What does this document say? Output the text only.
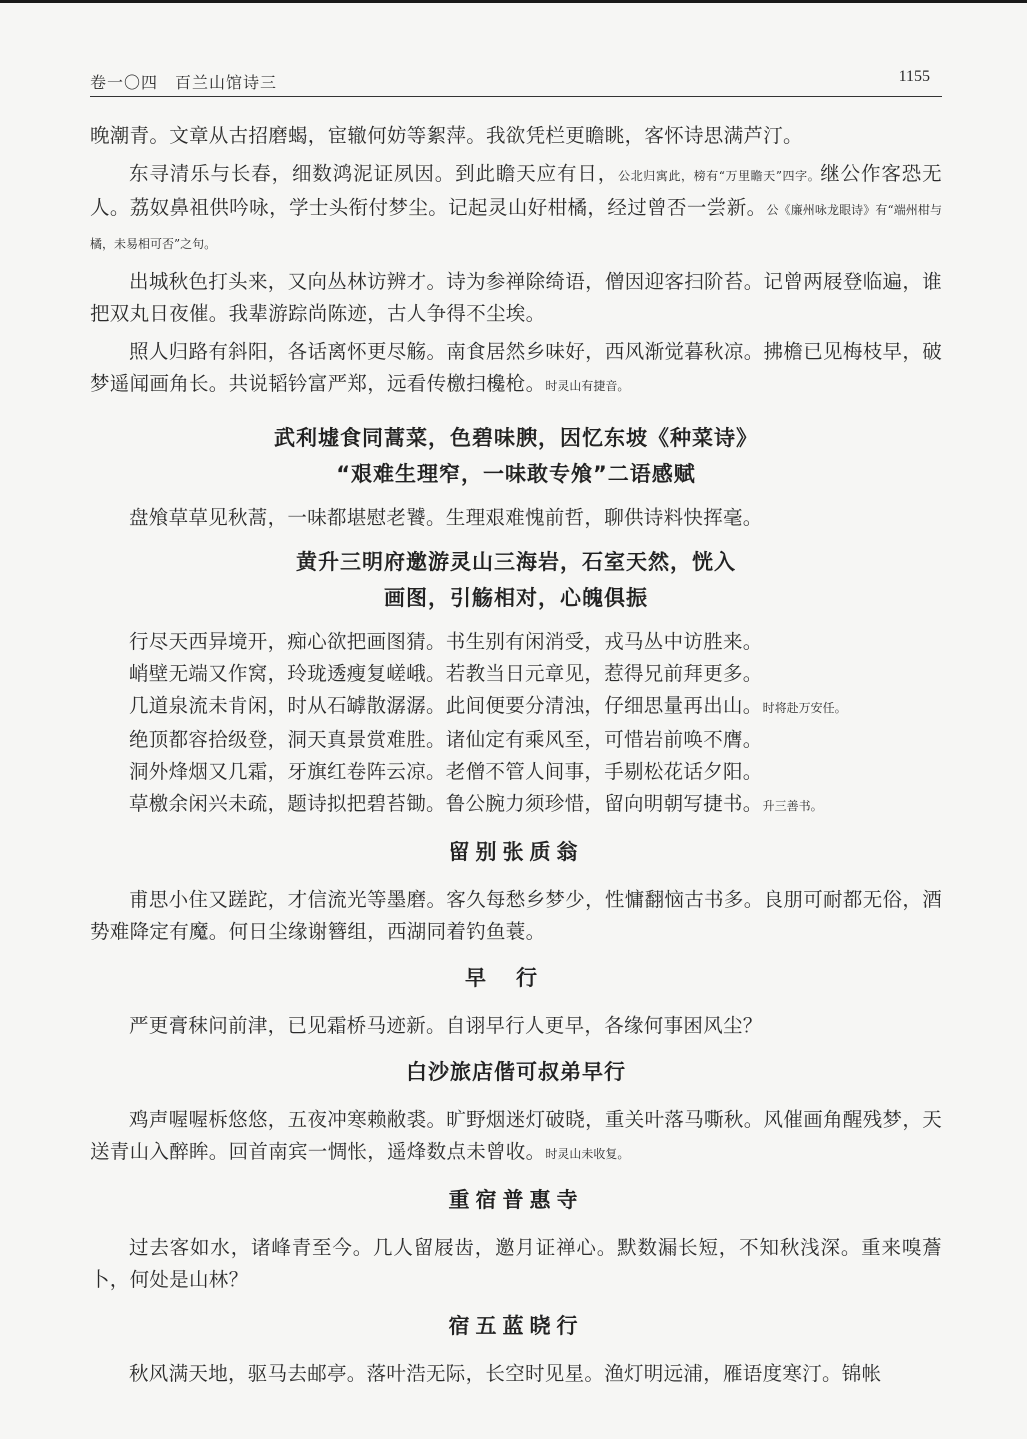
卷一〇四　百兰山馆诗三	1155

晚潮青。文章从古招磨蝎，宦辙何妨等絮萍。我欲凭栏更瞻眺，客怀诗思满芦汀。

东寻清乐与长春，细数鸿泥证夙因。到此瞻天应有日，公北归寓此，榜有“万里瞻天”四字。继公作客恐无人。荔奴鼻祖供吟咏，学士头衔付梦尘。记起灵山好柑橘，经过曾否一尝新。公《廉州咏龙眼诗》有“端州柑与橘，未易相可否”之句。

出城秋色打头来，又向丛林访辨才。诗为参禅除绮语，僧因迎客扫阶苔。记曾两屐登临遍，谁把双丸日夜催。我辈游踪尚陈迹，古人争得不尘埃。

照人归路有斜阳，各话离怀更尽觞。南食居然乡味好，西风渐觉暮秋凉。拂檐已见梅枝早，破梦遥闻画角长。共说韬钤富严郑，远看传檄扫欃枪。时灵山有捷音。

武利墟食同蒿菜，色碧味腴，因忆东坡《种菜诗》
“艰难生理窄，一味敢专飧”二语感赋

盘飧草草见秋蒿，一味都堪慰老饕。生理艰难愧前哲，聊供诗料快挥毫。

黄升三明府邀游灵山三海岩，石室天然，恍入
画图，引觞相对，心魄俱振

行尽天西异境开，痴心欲把画图猜。书生别有闲消受，戎马丛中访胜来。

峭壁无端又作窝，玲珑透瘦复嵯峨。若教当日元章见，惹得兄前拜更多。

几道泉流未肯闲，时从石罅散潺潺。此间便要分清浊，仔细思量再出山。时将赴万安任。

绝顶都容拾级登，洞天真景赏难胜。诸仙定有乘风至，可惜岩前唤不膺。

洞外烽烟又几霜，牙旗红卷阵云凉。老僧不管人间事，手剔松花话夕阳。

草檄余闲兴未疏，题诗拟把碧苔锄。鲁公腕力须珍惜，留向明朝写捷书。升三善书。

留别张质翁

甫思小住又蹉跎，才信流光等墨磨。客久每愁乡梦少，性慵翻恼古书多。良朋可耐都无俗，酒势难降定有魔。何日尘缘谢簪组，西湖同着钓鱼蓑。

早行

严更膏秣问前津，已见霜桥马迹新。自诩早行人更早，各缘何事困风尘？

白沙旅店偕可叔弟早行

鸡声喔喔柝悠悠，五夜冲寒赖敝裘。旷野烟迷灯破晓，重关叶落马嘶秋。风催画角醒残梦，天送青山入醉眸。回首南宾一惆怅，遥烽数点未曾收。时灵山未收复。

重宿普惠寺

过去客如水，诸峰青至今。几人留屐齿，邀月证禅心。默数漏长短，不知秋浅深。重来嗅薝卜，何处是山林？

宿五蓝晓行

秋风满天地，驱马去邮亭。落叶浩无际，长空时见星。渔灯明远浦，雁语度寒汀。锦帐
